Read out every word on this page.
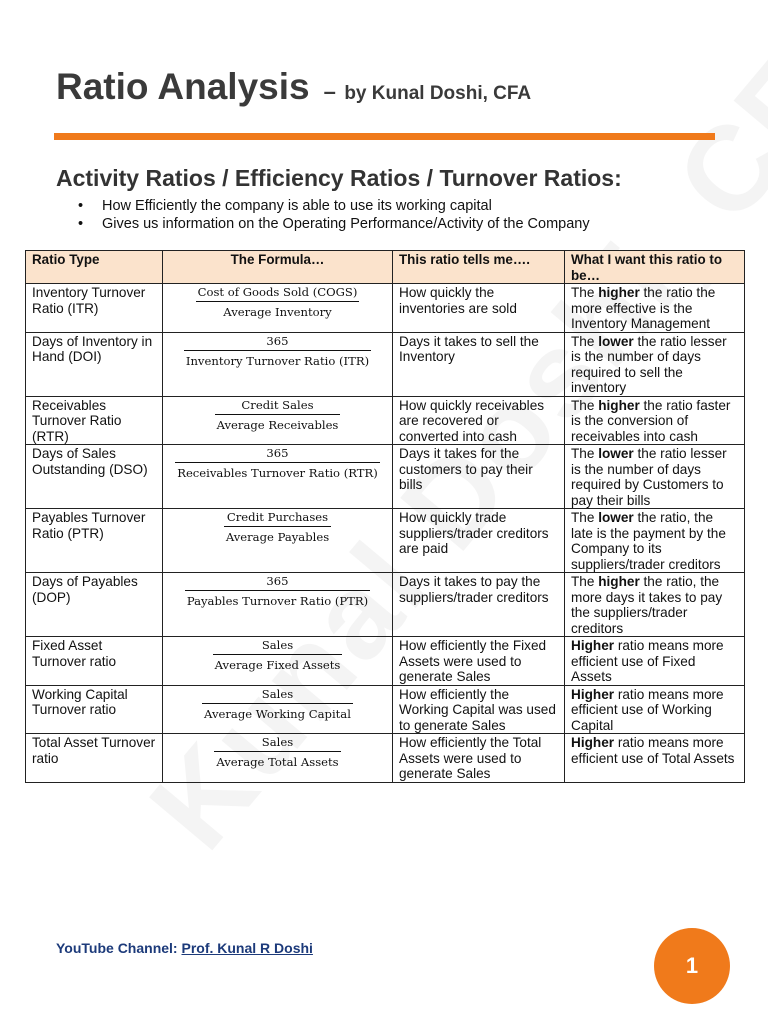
Ratio Analysis – by Kunal Doshi, CFA
Activity Ratios / Efficiency Ratios / Turnover Ratios:
• How Efficiently the company is able to use its working capital
• Gives us information on the Operating Performance/Activity of the Company
Ratio Type	The Formula…	This ratio tells me….	What I want this ratio to be…
Inventory Turnover Ratio (ITR)	$\frac{\text{Cost of Goods Sold (COGS)}}{\text{Average Inventory}}$	How quickly the inventories are sold	The higher the ratio the more effective is the Inventory Management
Days of Inventory in Hand (DOI)	$\frac{365}{\text{Inventory Turnover Ratio (ITR)}}$	Days it takes to sell the Inventory	The lower the ratio lesser is the number of days required to sell the inventory
Receivables Turnover Ratio (RTR)	$\frac{\text{Credit Sales}}{\text{Average Receivables}}$	How quickly receivables are recovered or converted into cash	The higher the ratio faster is the conversion of receivables into cash
Days of Sales Outstanding (DSO)	$\frac{365}{\text{Receivables Turnover Ratio (RTR)}}$	Days it takes for the customers to pay their bills	The lower the ratio lesser is the number of days required by Customers to pay their bills
Payables Turnover Ratio (PTR)	$\frac{\text{Credit Purchases}}{\text{Average Payables}}$	How quickly trade suppliers/trader creditors are paid	The lower the ratio, the late is the payment by the Company to its suppliers/trader creditors
Days of Payables (DOP)	$\frac{365}{\text{Payables Turnover Ratio (PTR)}}$	Days it takes to pay the suppliers/trader creditors	The higher the ratio, the more days it takes to pay the suppliers/trader creditors
Fixed Asset Turnover ratio	$\frac{\text{Sales}}{\text{Average Fixed Assets}}$	How efficiently the Fixed Assets were used to generate Sales	Higher ratio means more efficient use of Fixed Assets
Working Capital Turnover ratio	$\frac{\text{Sales}}{\text{Average Working Capital}}$	How efficiently the Working Capital was used to generate Sales	Higher ratio means more efficient use of Working Capital
Total Asset Turnover ratio	$\frac{\text{Sales}}{\text{Average Total Assets}}$	How efficiently the Total Assets were used to generate Sales	Higher ratio means more efficient use of Total Assets
YouTube Channel: Prof. Kunal R Doshi
1
